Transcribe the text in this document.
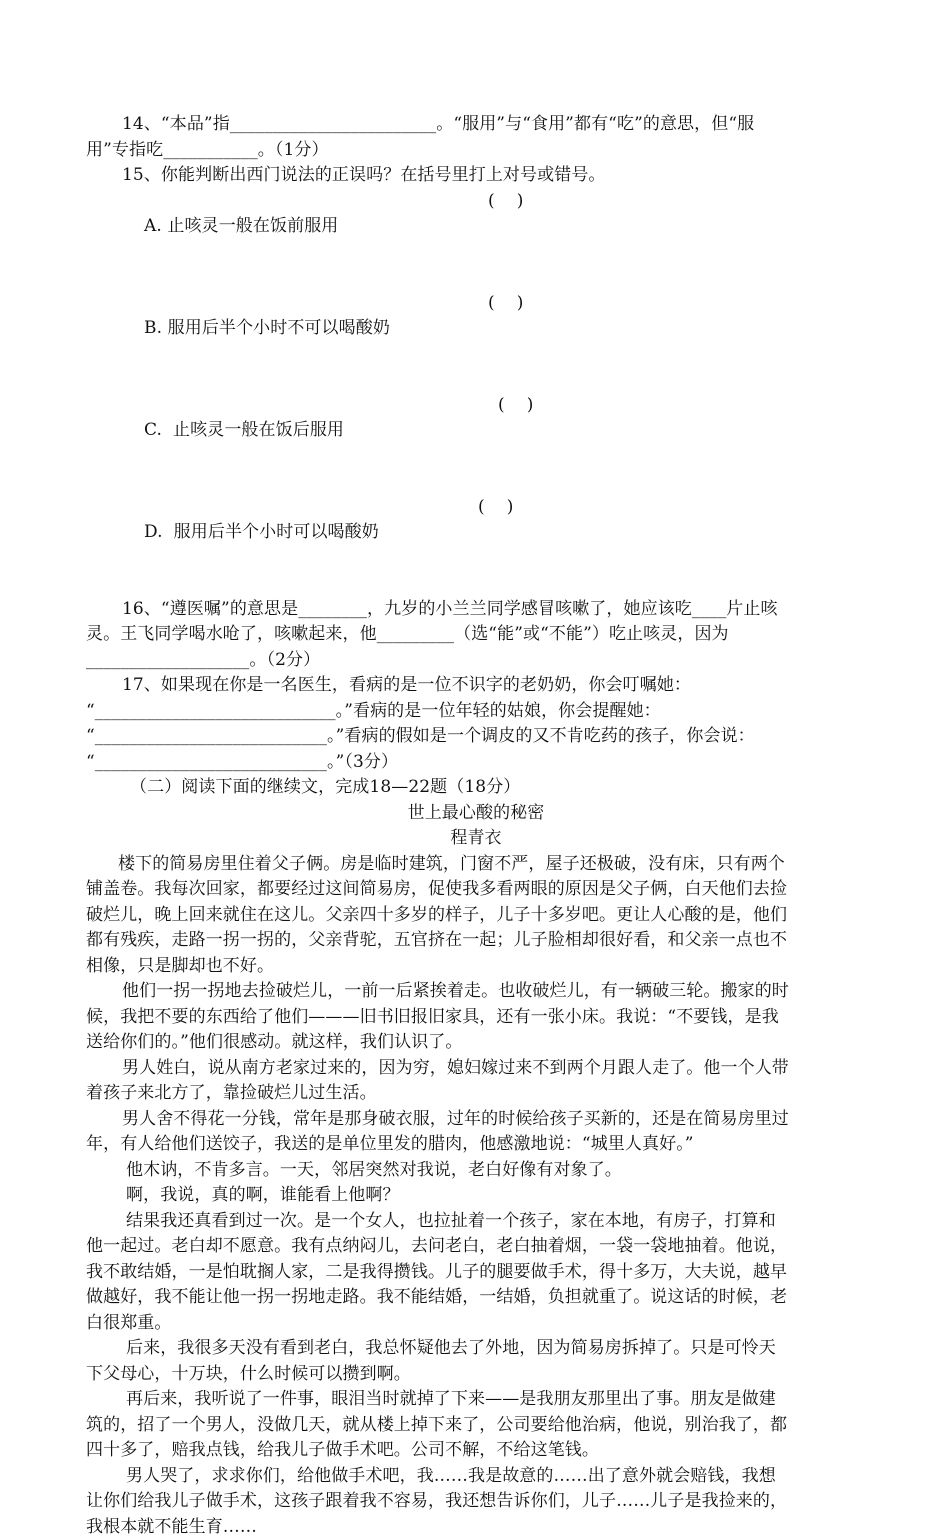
14、“本品”指________________________。“服用”与“食用”都有“吃”的意思，但“服
用”专指吃___________。（1分）
15、你能判断出西门说法的正误吗？在括号里打上对号或错号。

A. 止咳灵一般在饭前服用

(    )

B. 服用后半个小时不可以喝酸奶

(    )

C.  止咳灵一般在饭后服用

(    )

D.  服用后半个小时可以喝酸奶

(    )

16、“遵医嘱”的意思是________，九岁的小兰兰同学感冒咳嗽了，她应该吃____片止咳
灵。王飞同学喝水呛了，咳嗽起来，他_________（选“能”或“不能”）吃止咳灵，因为
___________________。（2分）
17、如果现在你是一名医生，看病的是一位不识字的老奶奶，你会叮嘱她：
“____________________________。”看病的是一位年轻的姑娘，你会提醒她：
“___________________________。”看病的假如是一个调皮的又不肯吃药的孩子，你会说：
“___________________________。”（3分）
（二）阅读下面的继续文，完成18—22题（18分）
世上最心酸的秘密
程青衣
楼下的简易房里住着父子俩。房是临时建筑，门窗不严，屋子还极破，没有床，只有两个
铺盖卷。我每次回家，都要经过这间简易房，促使我多看两眼的原因是父子俩，白天他们去捡
破烂儿，晚上回来就住在这儿。父亲四十多岁的样子，儿子十多岁吧。更让人心酸的是，他们
都有残疾，走路一拐一拐的，父亲背驼，五官挤在一起；儿子脸相却很好看，和父亲一点也不
相像，只是脚却也不好。
他们一拐一拐地去捡破烂儿，一前一后紧挨着走。也收破烂儿，有一辆破三轮。搬家的时
候，我把不要的东西给了他们———旧书旧报旧家具，还有一张小床。我说：“不要钱，是我
送给你们的。”他们很感动。就这样，我们认识了。
男人姓白，说从南方老家过来的，因为穷，媳妇嫁过来不到两个月跟人走了。他一个人带
着孩子来北方了，靠捡破烂儿过生活。
男人舍不得花一分钱，常年是那身破衣服，过年的时候给孩子买新的，还是在简易房里过
年，有人给他们送饺子，我送的是单位里发的腊肉，他感激地说：“城里人真好。”
他木讷，不肯多言。一天，邻居突然对我说，老白好像有对象了。
啊，我说，真的啊，谁能看上他啊？
结果我还真看到过一次。是一个女人，也拉扯着一个孩子，家在本地，有房子，打算和
他一起过。老白却不愿意。我有点纳闷儿，去问老白，老白抽着烟，一袋一袋地抽着。他说，
我不敢结婚，一是怕耽搁人家，二是我得攒钱。儿子的腿要做手术，得十多万，大夫说，越早
做越好，我不能让他一拐一拐地走路。我不能结婚，一结婚，负担就重了。说这话的时候，老
白很郑重。
后来，我很多天没有看到老白，我总怀疑他去了外地，因为简易房拆掉了。只是可怜天
下父母心，十万块，什么时候可以攒到啊。
再后来，我听说了一件事，眼泪当时就掉了下来——是我朋友那里出了事。朋友是做建
筑的，招了一个男人，没做几天，就从楼上掉下来了，公司要给他治病，他说，别治我了，都
四十多了，赔我点钱，给我儿子做手术吧。公司不解，不给这笔钱。
男人哭了，求求你们，给他做手术吧，我……我是故意的……出了意外就会赔钱，我想
让你们给我儿子做手术，这孩子跟着我不容易，我还想告诉你们，儿子……儿子是我捡来的，
我根本就不能生育……
